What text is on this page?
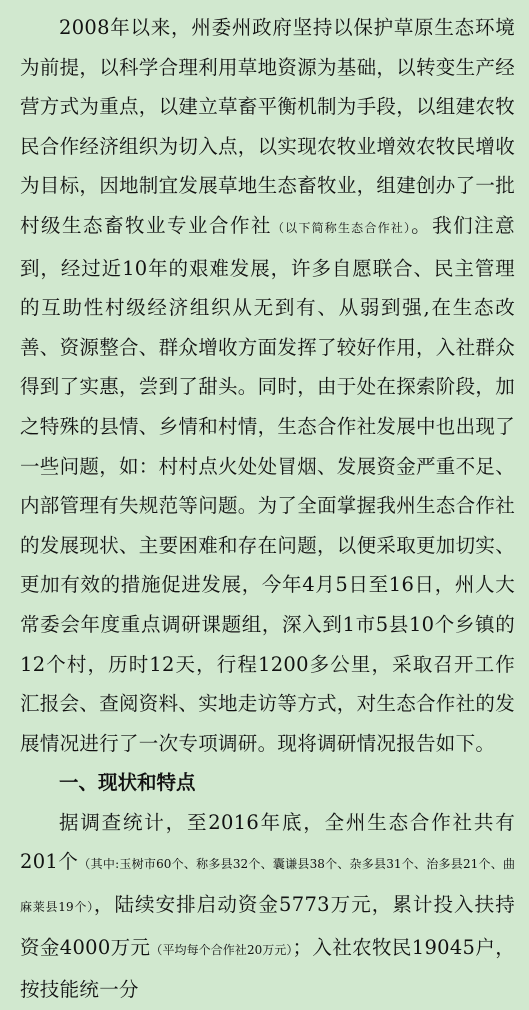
2008年以来，州委州政府坚持以保护草原生态环境为前提，以科学合理利用草地资源为基础，以转变生产经营方式为重点，以建立草畜平衡机制为手段，以组建农牧民合作经济组织为切入点，以实现农牧业增效农牧民增收为目标，因地制宜发展草地生态畜牧业，组建创办了一批村级生态畜牧业专业合作社（以下简称生态合作社）。我们注意到，经过近10年的艰难发展，许多自愿联合、民主管理的互助性村级经济组织从无到有、从弱到强,在生态改善、资源整合、群众增收方面发挥了较好作用，入社群众得到了实惠，尝到了甜头。同时，由于处在探索阶段，加之特殊的县情、乡情和村情，生态合作社发展中也出现了一些问题，如：村村点火处处冒烟、发展资金严重不足、内部管理有失规范等问题。为了全面掌握我州生态合作社的发展现状、主要困难和存在问题，以便采取更加切实、更加有效的措施促进发展，今年4月5日至16日，州人大常委会年度重点调研课题组，深入到1市5县10个乡镇的12个村，历时12天，行程1200多公里，采取召开工作汇报会、查阅资料、实地走访等方式，对生态合作社的发展情况进行了一次专项调研。现将调研情况报告如下。

一、现状和特点

据调查统计，至2016年底，全州生态合作社共有201个（其中:玉树市60个、称多县32个、囊谦县38个、杂多县31个、治多县21个、曲麻莱县19个），陆续安排启动资金5773万元，累计投入扶持资金4000万元（平均每个合作社20万元）；入社农牧民19045户，按技能统一分
